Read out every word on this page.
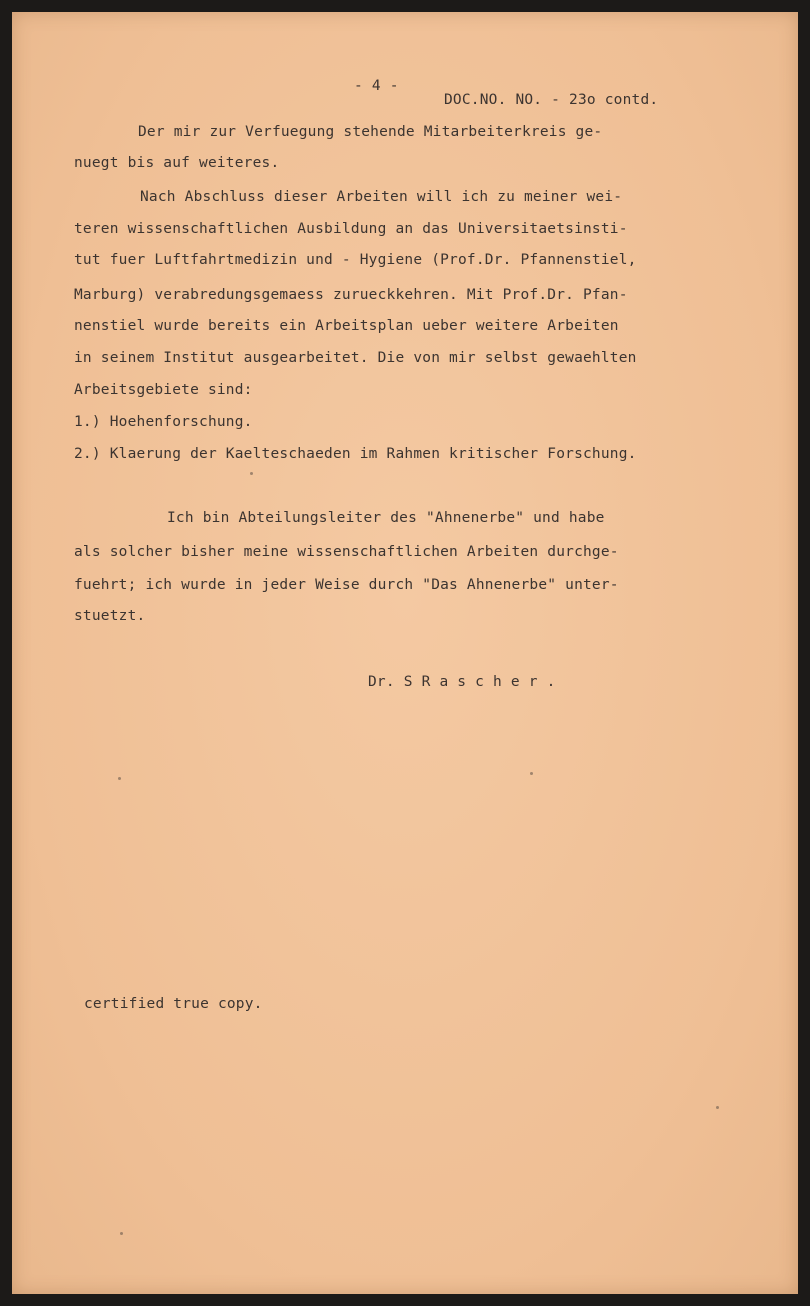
- 4 -
DOC.NO. NO. - 23o contd.
Der mir zur Verfuegung stehende Mitarbeiterkreis ge-
nuegt bis auf weiteres.
Nach Abschluss dieser Arbeiten will ich zu meiner wei-
teren wissenschaftlichen Ausbildung an das Universitaetsinsti-
tut fuer Luftfahrtmedizin und - Hygiene (Prof.Dr. Pfannenstiel,
Marburg) verabredungsgemaess zurueckkehren. Mit Prof.Dr. Pfan-
nenstiel wurde bereits ein Arbeitsplan ueber weitere Arbeiten
in seinem Institut ausgearbeitet. Die von mir selbst gewaehlten
Arbeitsgebiete sind:
1.) Hoehenforschung.
2.) Klaerung der Kaelteschaeden im Rahmen kritischer Forschung.
Ich bin Abteilungsleiter des "Ahnenerbe" und habe
als solcher bisher meine wissenschaftlichen Arbeiten durchge-
fuehrt; ich wurde in jeder Weise durch "Das Ahnenerbe" unter-
stuetzt.
Dr. S R a s c h e r .
certified true copy.
